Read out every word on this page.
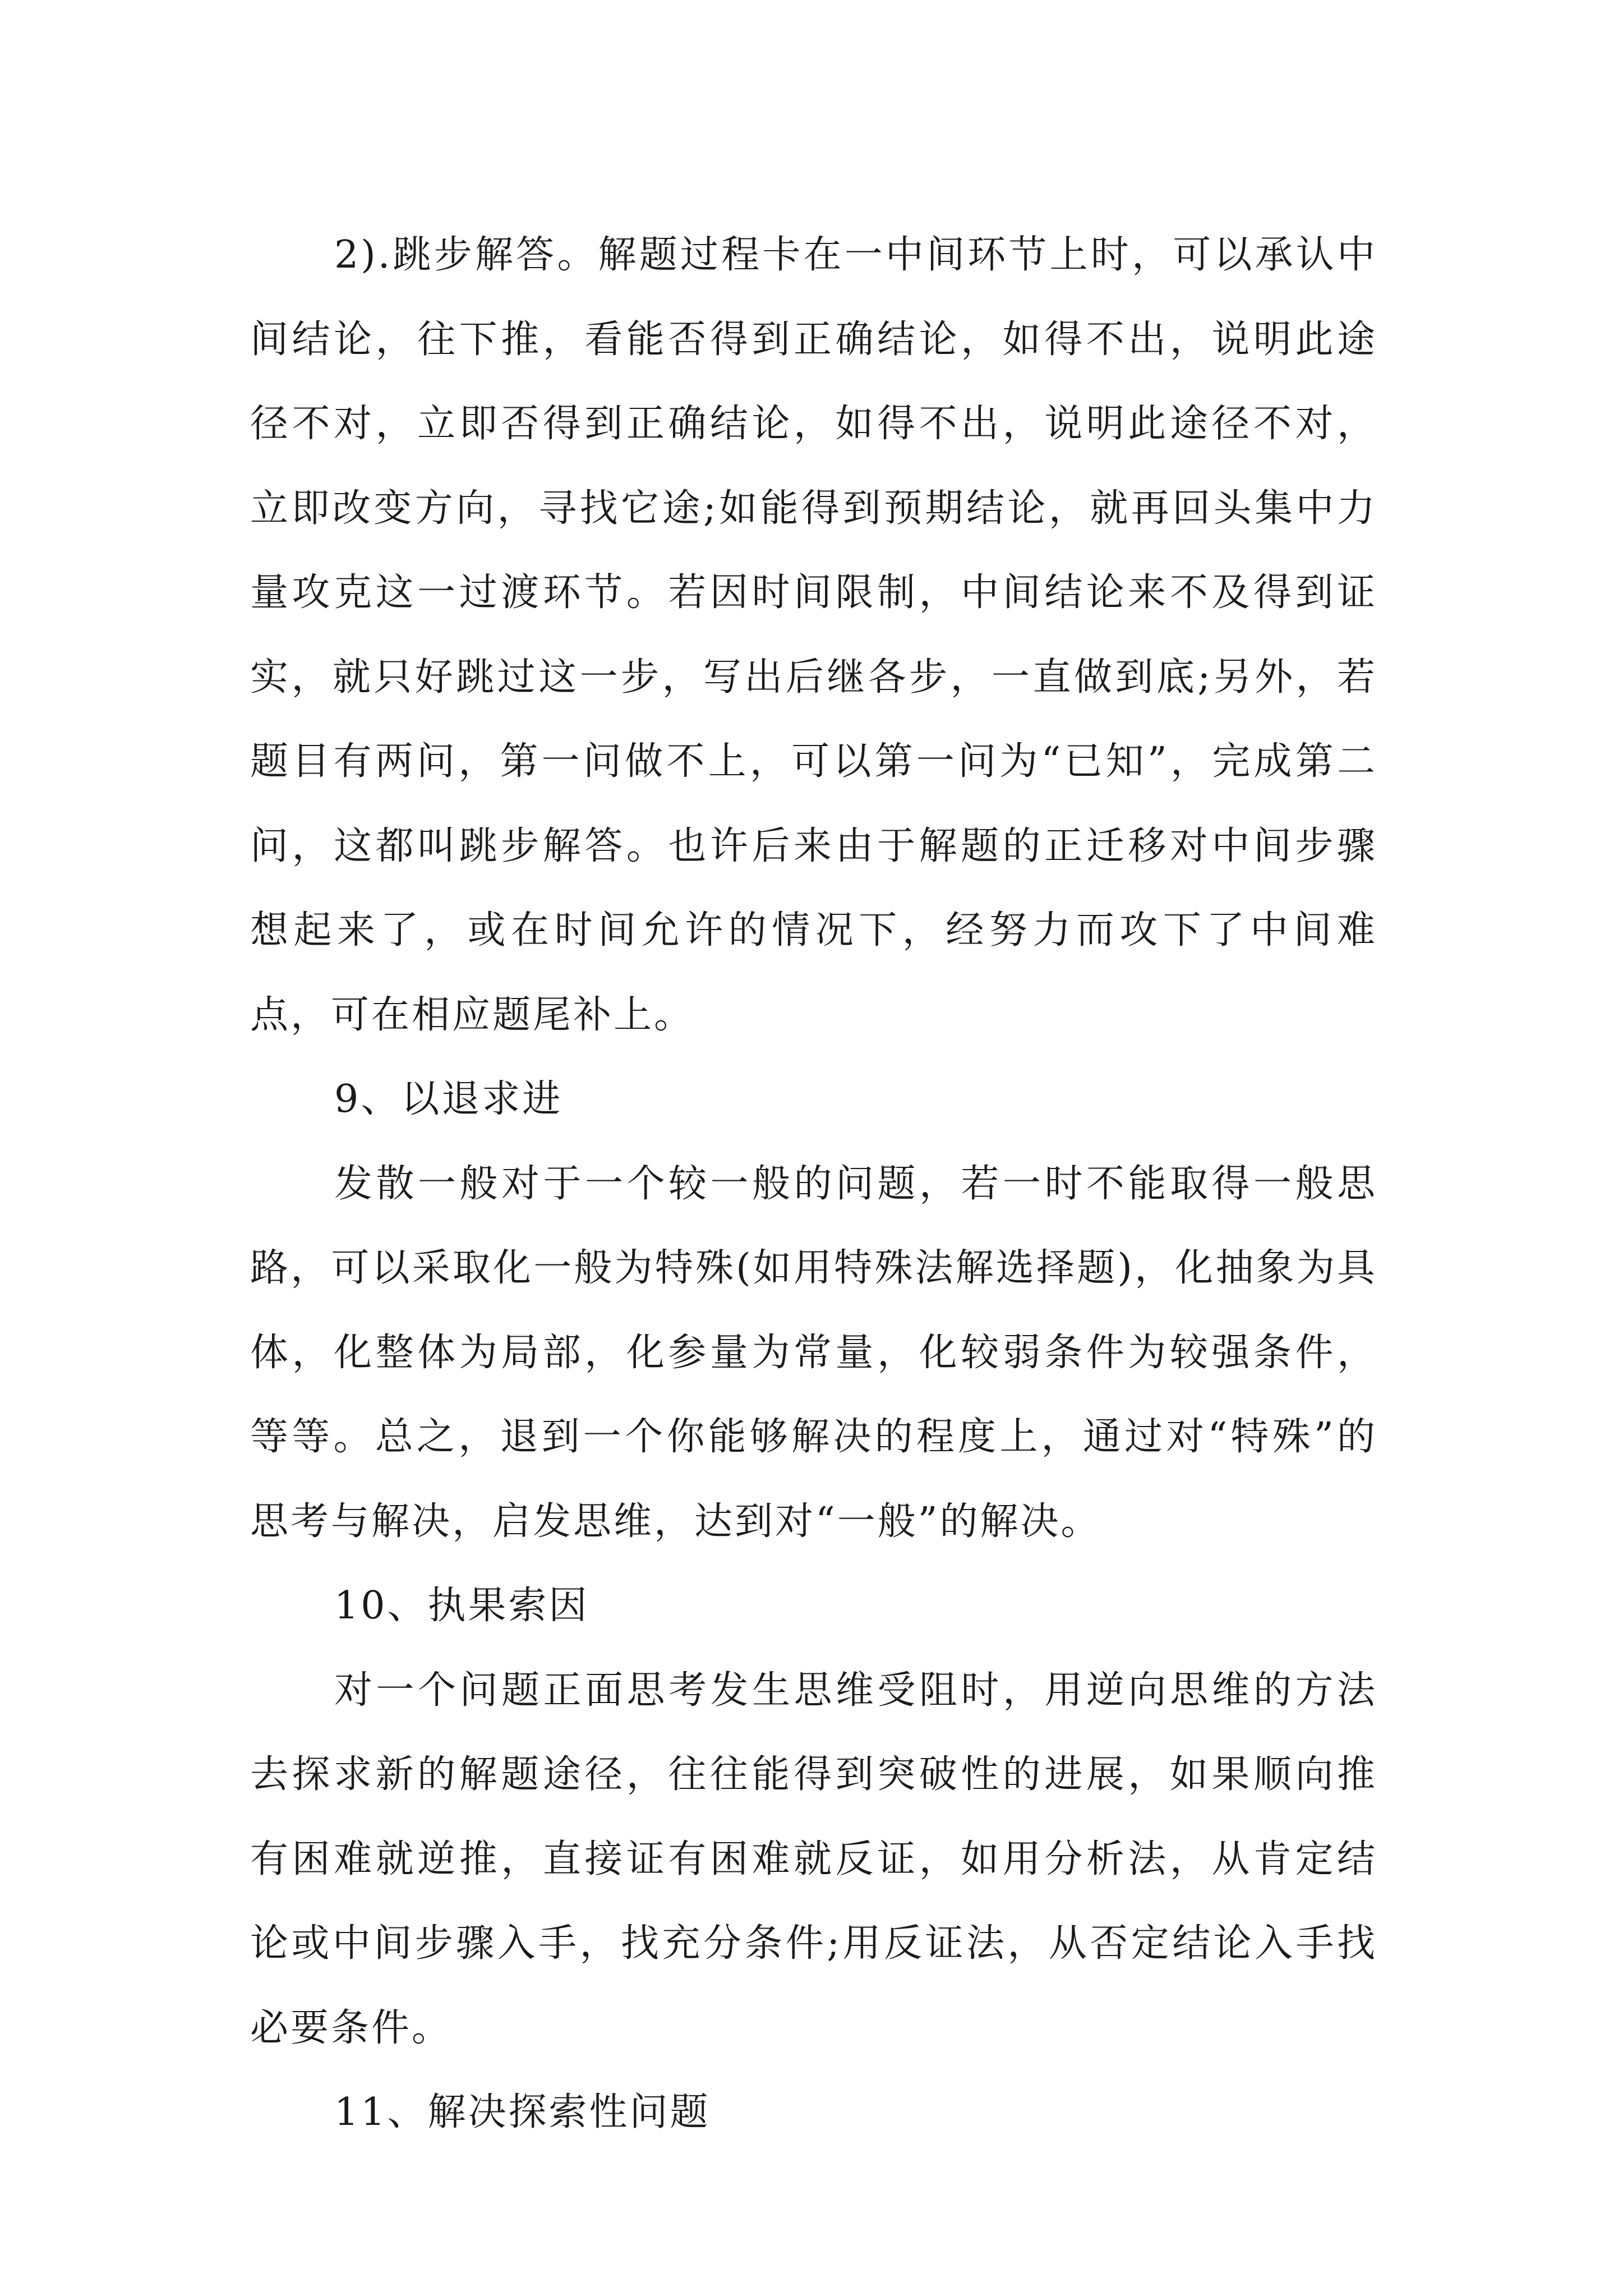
2).跳步解答。解题过程卡在一中间环节上时，可以承认中间结论，往下推，看能否得到正确结论，如得不出，说明此途径不对，立即否得到正确结论，如得不出，说明此途径不对，立即改变方向，寻找它途;如能得到预期结论，就再回头集中力量攻克这一过渡环节。若因时间限制，中间结论来不及得到证实，就只好跳过这一步，写出后继各步，一直做到底;另外，若题目有两问，第一问做不上，可以第一问为“已知”，完成第二问，这都叫跳步解答。也许后来由于解题的正迁移对中间步骤想起来了，或在时间允许的情况下，经努力而攻下了中间难点，可在相应题尾补上。

9、以退求进

发散一般对于一个较一般的问题，若一时不能取得一般思路，可以采取化一般为特殊(如用特殊法解选择题)，化抽象为具体，化整体为局部，化参量为常量，化较弱条件为较强条件，等等。总之，退到一个你能够解决的程度上，通过对“特殊”的思考与解决，启发思维，达到对“一般”的解决。

10、执果索因

对一个问题正面思考发生思维受阻时，用逆向思维的方法去探求新的解题途径，往往能得到突破性的进展，如果顺向推有困难就逆推，直接证有困难就反证，如用分析法，从肯定结论或中间步骤入手，找充分条件;用反证法，从否定结论入手找必要条件。

11、解决探索性问题
